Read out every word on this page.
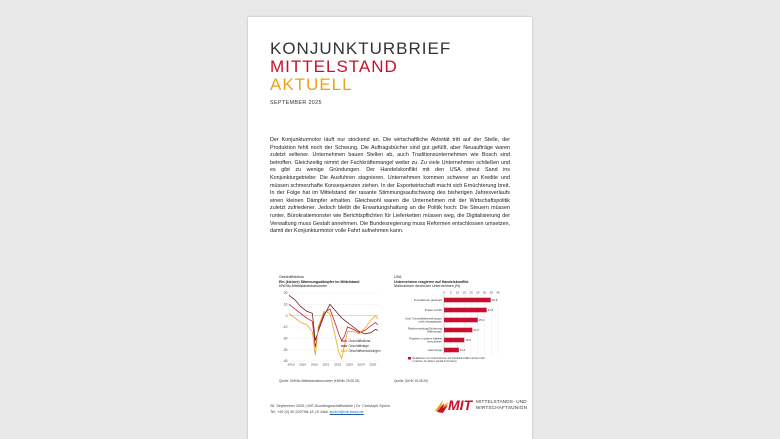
KONJUNKTURBRIEF
MITTELSTAND
AKTUELL
SEPTEMBER 2025
Der Konjunkturmotor läuft nur stockend an. Die wirtschaftliche Aktivität tritt auf der Stelle, der Produktion fehlt noch der Schwung. Die Auftragsbücher sind gut gefüllt, aber Neuaufträge waren zuletzt seltener. Unternehmen bauen Stellen ab, auch Traditionsunternehmen wie Bosch sind betroffen. Gleichzeitig nimmt der Fachkräftemangel weiter zu. Zu viele Unternehmen schließen und es gibt zu wenige Gründungen. Der Handelskonflikt mit den USA streut Sand ins Konjunkturgetriebe: Die Ausfuhren stagnieren, Unternehmen kommen schwerer an Kredite und müssen schmerzhafte Konsequenzen ziehen. In der Exportwirtschaft macht sich Ernüchterung breit. In der Folge hat im Mittelstand der rasante Stimmungsaufschwung des bisherigen Jahresverlaufs einen kleinen Dämpfer erhalten. Gleichwohl waren die Unternehmen mit der Wirtschaftspolitik zuletzt zufriedener. Jedoch bleibt die Erwartungshaltung an die Politik hoch: Die Steuern müssen runter, Bürokratiemonster wie Berichtspflichten für Lieferketten müssen weg, die Digitalisierung der Verwaltung muss Gestalt annehmen. Die Bundesregierung muss Reformen entschlossen umsetzen, damit der Konjunkturmotor volle Fahrt aufnehmen kann.
Geschäftsklima
Ein (kleiner) Stimmungsdämpfer im Mittelstand
KfW/ifo-Mittelstandsbarometer
20
10
0
-10
-20
-30
-40
2018 2019 2020 2021 2022 2023 2024 2025
Geschäftsklima
Geschäftslage
Geschäftserwartungen
Quelle: KfW/ifo-Mittelstandsbarometer (KfW/ifo 29.08.25)
USA
Unternehmen reagieren auf Handelskonflikt
Maßnahmen deutscher Unternehmen (%)
0 5 10 15 20 25 30 35 40
Investitionen gestoppt	34,6
Preise erhöht	31,6
Ausl. Geschäftsbeziehungen
nicht eingegangen	25,0
Risikoverteilung/Sicherung
Währungen	21,0
Projekte in andere Märkte
verschoben	15,0
Lieferstopp	11,0
Reaktionen von Unternehmen auf Handelskonflikt mit den USA
in letzten 12 Jahren (Anteil in Prozent)
Quelle: (DIHK 15.08.25)
26. September 2025 | MIT-Bundesgeschäftsstelle | Dr. Christoph Sprich
Tel. +49 (0) 30 220798-16 | E-Mail: sprich@mit-bund.de	MIT MITTELSTANDS- UND
WIRTSCHAFTSUNION
